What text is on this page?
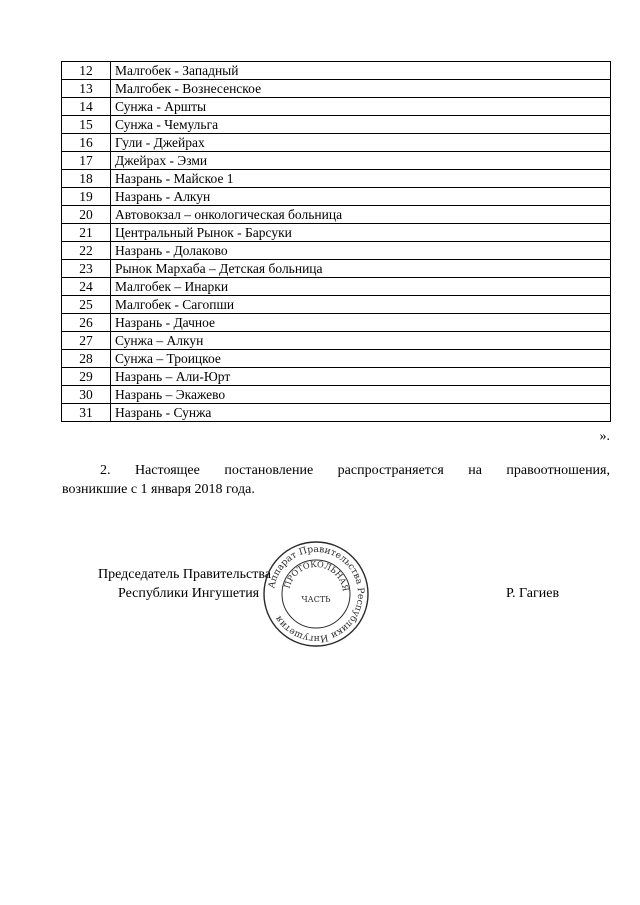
12	Малгобек - Западный
13	Малгобек - Вознесенское
14	Сунжа - Аршты
15	Сунжа - Чемульга
16	Гули - Джейрах
17	Джейрах - Эзми
18	Назрань - Майское 1
19	Назрань - Алкун
20	Автовокзал – онкологическая больница
21	Центральный Рынок - Барсуки
22	Назрань - Долаково
23	Рынок Мархаба – Детская больница
24	Малгобек – Инарки
25	Малгобек - Сагопши
26	Назрань - Дачное
27	Сунжа – Алкун
28	Сунжа – Троицкое
29	Назрань – Али-Юрт
30	Назрань – Экажево
31	Назрань - Сунжа
».
2. Настоящее постановление распространяется на правоотношения,
возникшие с 1 января 2018 года.
Председатель Правительства
Республики Ингушетия	Р. Гагиев
Аппарат Правительства Республики Ингушетия
ПРОТОКОЛЬНАЯ
ЧАСТЬ
